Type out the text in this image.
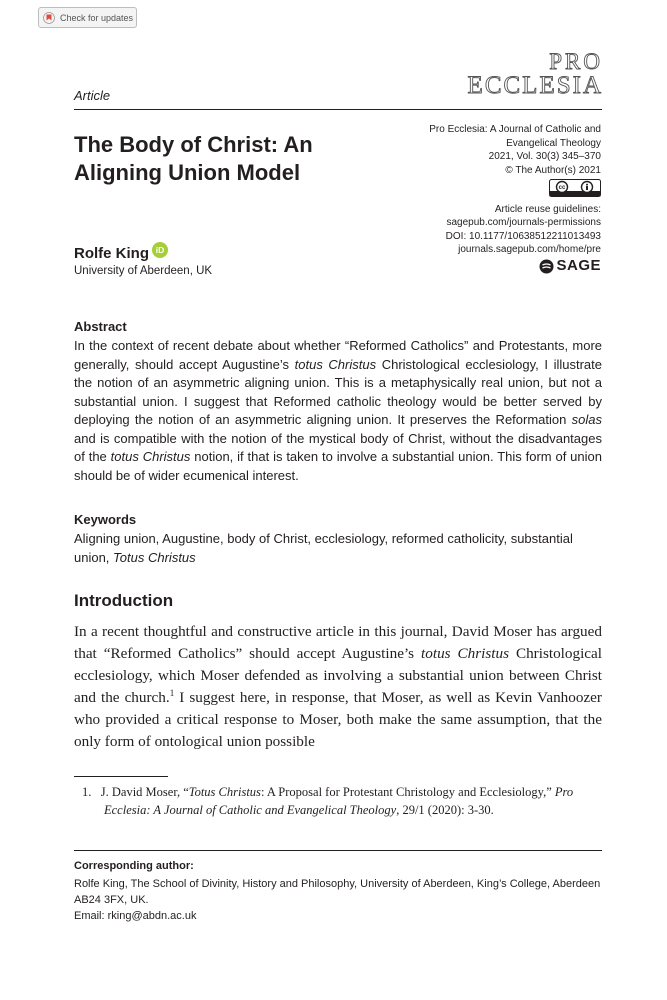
Check for updates
PRO
ECCLESIA
Article
The Body of Christ: An Aligning Union Model
Pro Ecclesia: A Journal of Catholic and
Evangelical Theology
2021, Vol. 30(3) 345–370
© The Author(s) 2021
cc
Article reuse guidelines:
sagepub.com/journals-permissions
DOI: 10.1177/10638512211013493
journals.sagepub.com/home/pre
SAGE
Rolfe King iD
University of Aberdeen, UK
Abstract

In the context of recent debate about whether “Reformed Catholics” and Protestants, more generally, should accept Augustine’s totus Christus Christological ecclesiology, I illustrate the notion of an asymmetric aligning union. This is a metaphysically real union, but not a substantial union. I suggest that Reformed catholic theology would be better served by deploying the notion of an asymmetric aligning union. It preserves the Reformation solas and is compatible with the notion of the mystical body of Christ, without the disadvantages of the totus Christus notion, if that is taken to involve a substantial union. This form of union should be of wider ecumenical interest.

Keywords

Aligning union, Augustine, body of Christ, ecclesiology, reformed catholicity, substantial union, Totus Christus

Introduction

In a recent thoughtful and constructive article in this journal, David Moser has argued that “Reformed Catholics” should accept Augustine’s totus Christus Christological ecclesiology, which Moser defended as involving a substantial union between Christ and the church.$^1$ I suggest here, in response, that Moser, as well as Kevin Vanhoozer who provided a critical response to Moser, both make the same assumption, that the only form of ontological union possible

1. J. David Moser, “Totus Christus: A Proposal for Protestant Christology and Ecclesiology,” Pro Ecclesia: A Journal of Catholic and Evangelical Theology, 29/1 (2020): 3-30.
Corresponding author:
Rolfe King, The School of Divinity, History and Philosophy, University of Aberdeen, King’s College, Aberdeen AB24 3FX, UK.
Email: rking@abdn.ac.uk
